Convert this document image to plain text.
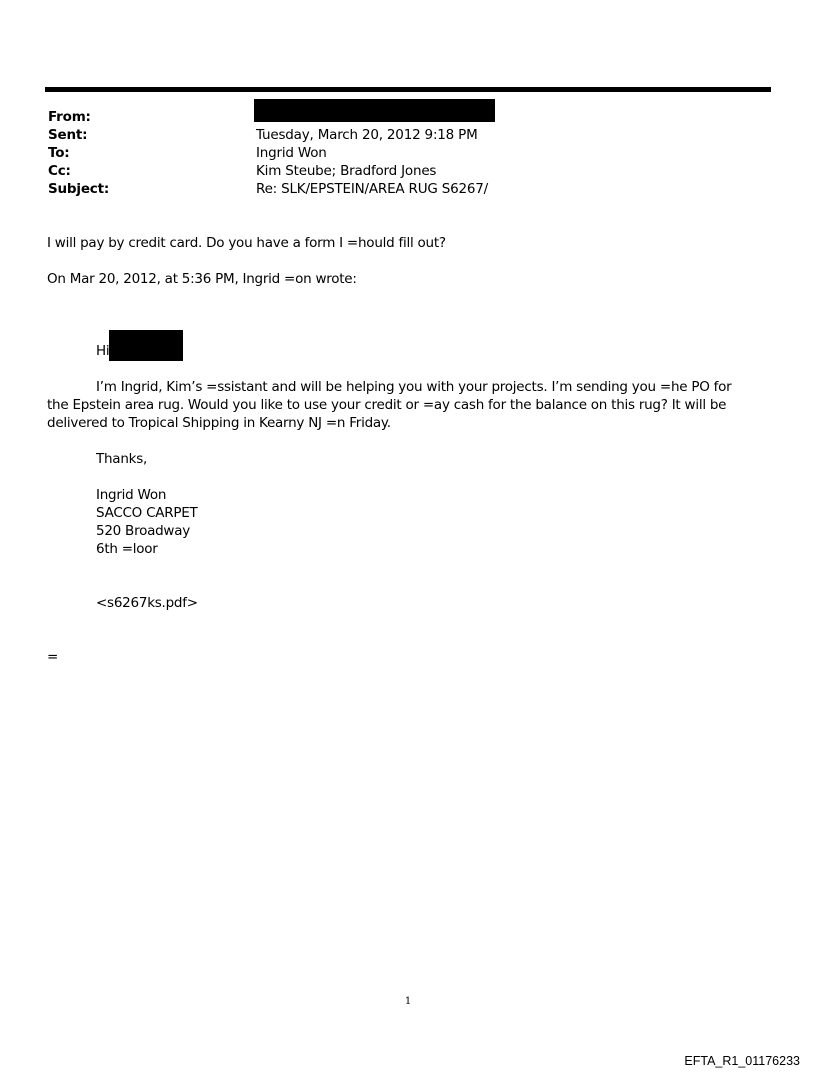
From:
Sent:	Tuesday, March 20, 2012 9:18 PM
To:	Ingrid Won
Cc:	Kim Steube; Bradford Jones
Subject:	Re: SLK/EPSTEIN/AREA RUG S6267/
I will pay by credit card. Do you have a form I =hould fill out?
On Mar 20, 2012, at 5:36 PM, Ingrid =on wrote:
Hi
I’m Ingrid, Kim’s =ssistant and will be helping you with your projects. I’m sending you =he PO for the Epstein area rug. Would you like to use your credit or =ay cash for the balance on this rug? It will be delivered to Tropical Shipping in Kearny NJ =n Friday.
Thanks,
Ingrid Won
SACCO CARPET
520 Broadway
6th =loor
<s6267ks.pdf>
=
1
EFTA_R1_01176233
